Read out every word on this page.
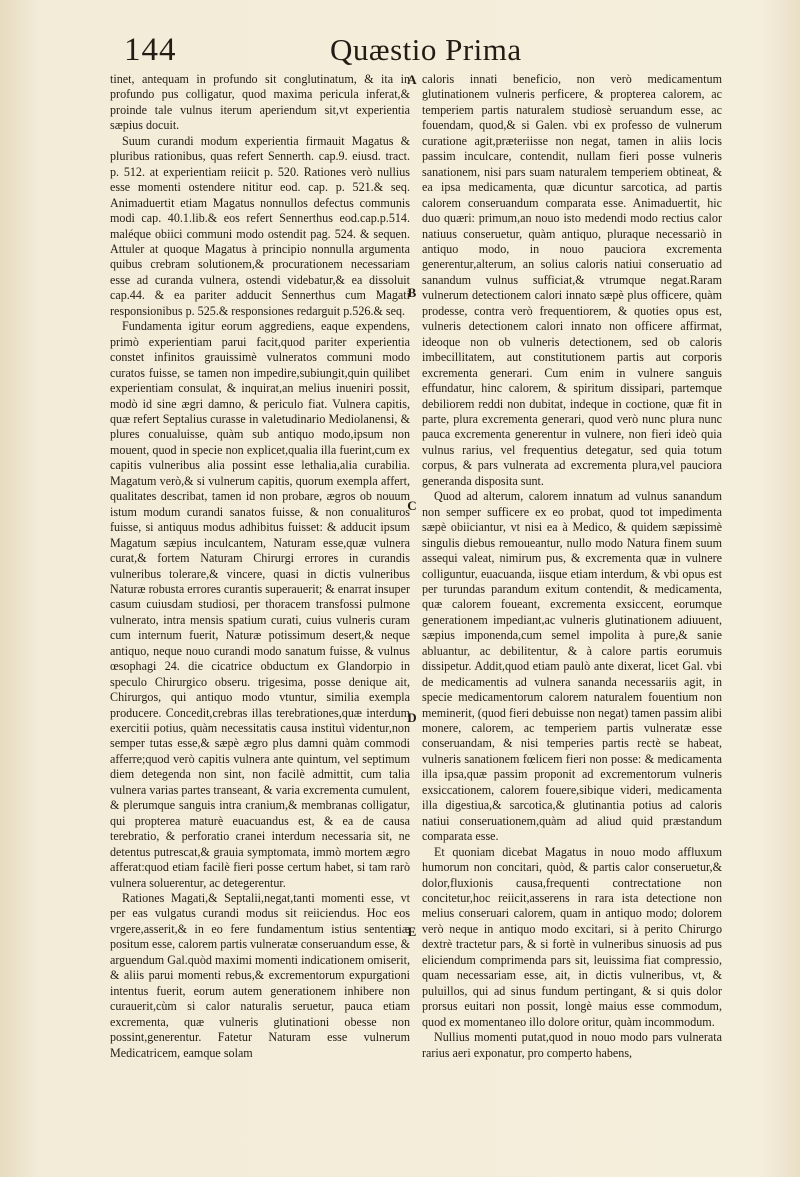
144	Quæstio Prima

tinet, antequam in profundo sit conglutinatum, & ita in profundo pus colligatur, quod maxima pericula inferat,& proinde tale vulnus iterum aperiendum sit,vt experientia sæpius docuit.

Suum curandi modum experientia firmauit Magatus & pluribus rationibus, quas refert Sennerth. cap.9. eiusd. tract. p. 512. at experientiam reiicit p. 520. Rationes verò nullius esse momenti ostendere nititur eod. cap. p. 521.& seq. Animaduertit etiam Magatus nonnullos defectus communis modi cap. 40.1.lib.& eos refert Sennerthus eod.cap.p.514. maléque obiici communi modo ostendit pag. 524. & sequen. Attuler at quoque Magatus à principio nonnulla argumenta quibus crebram solutionem,& procurationem necessariam esse ad curanda vulnera, ostendi videbatur,& ea dissoluit cap.44. & ea pariter adducit Sennerthus cum Magati responsionibus p. 525.& responsiones redarguit p.526.& seq.

Fundamenta igitur eorum aggrediens, eaque expendens, primò experientiam parui facit,quod pariter experientia constet infinitos grauissimè vulneratos communi modo curatos fuisse, se tamen non impedire,subiungit,quin quilibet experientiam consulat, & inquirat,an melius inueniri possit, modò id sine ægri damno, & periculo fiat. Vulnera capitis, quæ refert Septalius curasse in valetudinario Mediolanensi, & plures conualuisse, quàm sub antiquo modo,ipsum non mouent, quod in specie non explicet,qualia illa fuerint,cum ex capitis vulneribus alia possint esse lethalia,alia curabilia. Magatum verò,& si vulnerum capitis, quorum exempla affert, qualitates describat, tamen id non probare, ægros ob nouum istum modum curandi sanatos fuisse, & non conualituros fuisse, si antiquus modus adhibitus fuisset: & adducit ipsum Magatum sæpius inculcantem, Naturam esse,quæ vulnera curat,& fortem Naturam Chirurgi errores in curandis vulneribus tolerare,& vincere, quasi in dictis vulneribus Naturæ robusta errores curantis superauerit; & enarrat insuper casum cuiusdam studiosi, per thoracem transfossi pulmone vulnerato, intra mensis spatium curati, cuius vulneris curam cum internum fuerit, Naturæ potissimum desert,& neque antiquo, neque nouo curandi modo sanatum fuisse, & vulnus œsophagi 24. die cicatrice obductum ex Glandorpio in speculo Chirurgico obseru. trigesima, posse denique ait, Chirurgos, qui antiquo modo vtuntur, similia exempla producere. Concedit,crebras illas terebrationes,quæ interdum exercitii potius, quàm necessitatis causa instituì videntur,non semper tutas esse,& sæpè ægro plus damni quàm commodi afferre;quod verò capitis vulnera ante quintum, vel septimum diem detegenda non sint, non facilè admittit, cum talia vulnera varias partes transeant, & varia excrementa cumulent, & plerumque sanguis intra cranium,& membranas colligatur, qui propterea maturè euacuandus est, & ea de causa terebratio, & perforatio cranei interdum necessaria sit, ne detentus putrescat,& grauia symptomata, immò mortem ægro afferat:quod etiam facilè fieri posse certum habet, si tam rarò vulnera soluerentur, ac detegerentur.

Rationes Magati,& Septalii,negat,tanti momenti esse, vt per eas vulgatus curandi modus sit reiiciendus. Hoc eos vrgere,asserit,& in eo fere fundamentum istius sententiæ positum esse, calorem partis vulneratæ conseruandum esse, & arguendum Gal.quòd maximi momenti indicationem omiserit, & aliis parui momenti rebus,& excrementorum expurgationi intentus fuerit, eorum autem generationem inhibere non curauerit,cùm si calor naturalis seruetur, pauca etiam excrementa, quæ vulneris glutinationi obesse non possint,generentur. Fatetur Naturam esse vulnerum Medicatricem, eamque solam

A
B
C
D
E

caloris innati beneficio, non verò medicamentum glutinationem vulneris perficere, & propterea calorem, ac temperiem partis naturalem studiosè seruandum esse, ac fouendam, quod,& si Galen. vbi ex professo de vulnerum curatione agit,præteriisse non negat, tamen in aliis locis passim inculcare, contendit, nullam fieri posse vulneris sanationem, nisi pars suam naturalem temperiem obtineat, & ea ipsa medicamenta, quæ dicuntur sarcotica, ad partis calorem conseruandum comparata esse. Animaduertit, hic duo quæri: primum,an nouo isto medendi modo rectius calor natiuus conseruetur, quàm antiquo, pluraque necessariò in antiquo modo, in nouo pauciora excrementa generentur,alterum, an solius caloris natiui conseruatio ad sanandum vulnus sufficiat,& vtrumque negat.Raram vulnerum detectionem calori innato sæpè plus officere, quàm prodesse, contra verò frequentiorem, & quoties opus est, vulneris detectionem calori innato non officere affirmat, ideoque non ob vulneris detectionem, sed ob caloris imbecillitatem, aut constitutionem partis aut corporis excrementa generari. Cum enim in vulnere sanguis effundatur, hinc calorem, & spiritum dissipari, partemque debiliorem reddi non dubitat, indeque in coctione, quæ fit in parte, plura excrementa generari, quod verò nunc plura nunc pauca excrementa generentur in vulnere, non fieri ideò quia vulnus rarius, vel frequentius detegatur, sed quia totum corpus, & pars vulnerata ad excrementa plura,vel pauciora generanda disposita sunt.

Quod ad alterum, calorem innatum ad vulnus sanandum non semper sufficere ex eo probat, quod tot impedimenta sæpè obiiciantur, vt nisi ea à Medico, & quidem sæpissimè singulis diebus remoueantur, nullo modo Natura finem suum assequi valeat, nimirum pus, & excrementa quæ in vulnere colliguntur, euacuanda, iisque etiam interdum, & vbi opus est per turundas parandum exitum contendit, & medicamenta, quæ calorem foueant, excrementa exsiccent, eorumque generationem impediant,ac vulneris glutinationem adiuuent, sæpius imponenda,cum semel impolita à pure,& sanie abluantur, ac debilitentur, & à calore partis eorumuis dissipetur. Addit,quod etiam paulò ante dixerat, licet Gal. vbi de medicamentis ad vulnera sananda necessariis agit, in specie medicamentorum calorem naturalem fouentium non meminerit, (quod fieri debuisse non negat) tamen passim alibi monere, calorem, ac temperiem partis vulneratæ esse conseruandam, & nisi temperies partis rectè se habeat, vulneris sanationem fœlicem fieri non posse: & medicamenta illa ipsa,quæ passim proponit ad excrementorum vulneris exsiccationem, calorem fouere,sibique videri, medicamenta illa digestiua,& sarcotica,& glutinantia potius ad caloris natiui conseruationem,quàm ad aliud quid præstandum comparata esse.

Et quoniam dicebat Magatus in nouo modo affluxum humorum non concitari, quòd, & partis calor conseruetur,& dolor,fluxionis causa,frequenti contrectatione non concitetur,hoc reiicit,asserens in rara ista detectione non melius conseruari calorem, quam in antiquo modo; dolorem verò neque in antiquo modo excitari, si à perito Chirurgo dextrè tractetur pars, & si fortè in vulneribus sinuosis ad pus eliciendum comprimenda pars sit, leuissima fiat compressio, quam necessariam esse, ait, in dictis vulneribus, vt, & puluillos, qui ad sinus fundum pertingant, & si quis dolor prorsus euitari non possit, longè maius esse commodum, quod ex momentaneo illo dolore oritur, quàm incommodum.

Nullius momenti putat,quod in nouo modo pars vulnerata rarius aeri exponatur, pro comperto habens,
